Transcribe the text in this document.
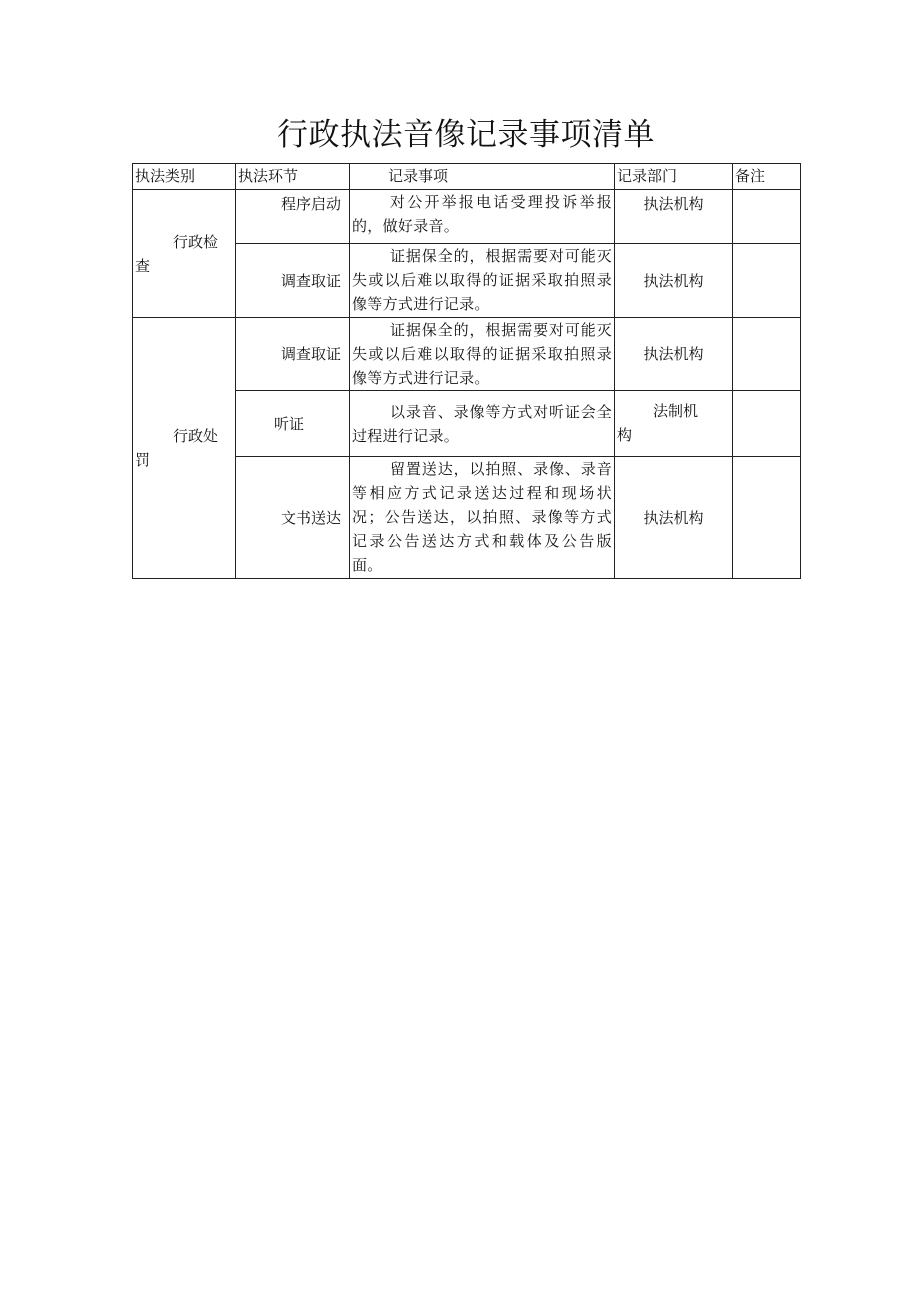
行政执法音像记录事项清单
执法类别	执法环节	记录事项	记录部门	备注
行政检查	程序启动	对公开举报电话受理投诉举报的，做好录音。	执法机构	
	调查取证	证据保全的，根据需要对可能灭失或以后难以取得的证据采取拍照录像等方式进行记录。	执法机构	
行政处罚	调查取证	证据保全的，根据需要对可能灭失或以后难以取得的证据采取拍照录像等方式进行记录。	执法机构	
	听证	以录音、录像等方式对听证会全过程进行记录。	法制机构	
	文书送达	留置送达，以拍照、录像、录音等相应方式记录送达过程和现场状况；公告送达，以拍照、录像等方式记录公告送达方式和载体及公告版面。	执法机构	
